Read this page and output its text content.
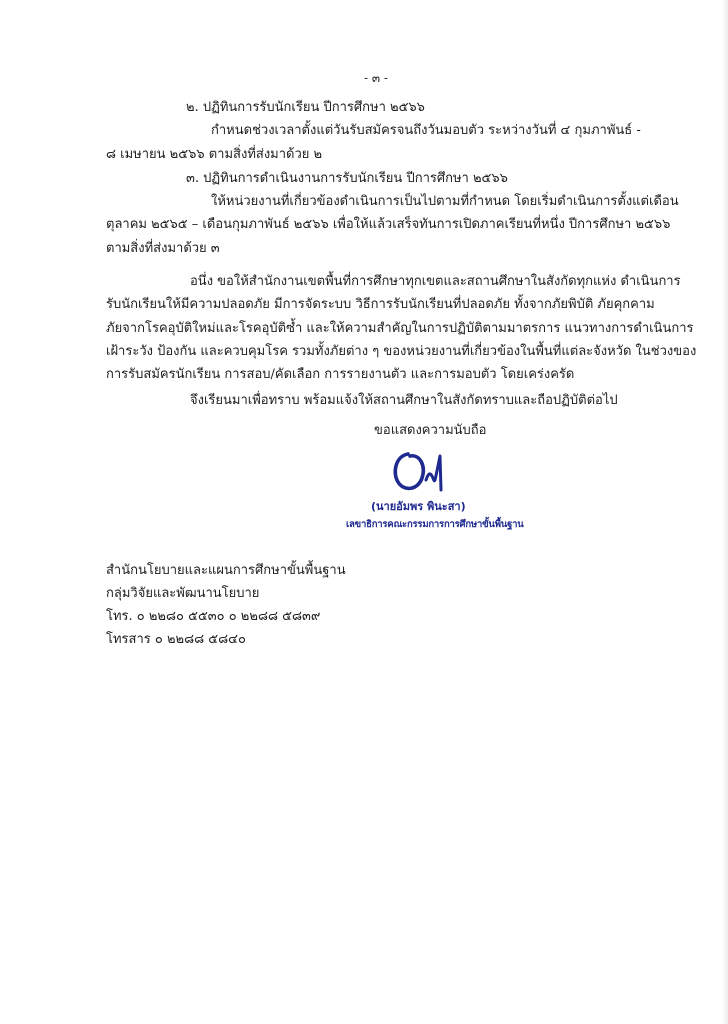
- ๓ -
๒. ปฏิทินการรับนักเรียน ปีการศึกษา ๒๕๖๖
กำหนดช่วงเวลาตั้งแต่วันรับสมัครจนถึงวันมอบตัว ระหว่างวันที่ ๔ กุมภาพันธ์ -
๘ เมษายน ๒๕๖๖ ตามสิ่งที่ส่งมาด้วย ๒
๓. ปฏิทินการดำเนินงานการรับนักเรียน ปีการศึกษา ๒๕๖๖
ให้หน่วยงานที่เกี่ยวข้องดำเนินการเป็นไปตามที่กำหนด โดยเริ่มดำเนินการตั้งแต่เดือน
ตุลาคม ๒๕๖๕ – เดือนกุมภาพันธ์ ๒๕๖๖ เพื่อให้แล้วเสร็จทันการเปิดภาคเรียนที่หนึ่ง ปีการศึกษา ๒๕๖๖
ตามสิ่งที่ส่งมาด้วย ๓
อนึ่ง ขอให้สำนักงานเขตพื้นที่การศึกษาทุกเขตและสถานศึกษาในสังกัดทุกแห่ง ดำเนินการ
รับนักเรียนให้มีความปลอดภัย มีการจัดระบบ วิธีการรับนักเรียนที่ปลอดภัย ทั้งจากภัยพิบัติ ภัยคุกคาม
ภัยจากโรคอุบัติใหม่และโรคอุบัติซ้ำ และให้ความสำคัญในการปฏิบัติตามมาตรการ แนวทางการดำเนินการ
เฝ้าระวัง ป้องกัน และควบคุมโรค รวมทั้งภัยต่าง ๆ ของหน่วยงานที่เกี่ยวข้องในพื้นที่แต่ละจังหวัด ในช่วงของ
การรับสมัครนักเรียน การสอบ/คัดเลือก การรายงานตัว และการมอบตัว โดยเคร่งครัด
จึงเรียนมาเพื่อทราบ พร้อมแจ้งให้สถานศึกษาในสังกัดทราบและถือปฏิบัติต่อไป
ขอแสดงความนับถือ
(นายอัมพร พินะสา)
เลขาธิการคณะกรรมการการศึกษาขั้นพื้นฐาน
สำนักนโยบายและแผนการศึกษาขั้นพื้นฐาน
กลุ่มวิจัยและพัฒนานโยบาย
โทร. ๐ ๒๒๘๐ ๕๕๓๐ ๐ ๒๒๘๘ ๕๘๓๙
โทรสาร ๐ ๒๒๘๘ ๕๘๔๐
